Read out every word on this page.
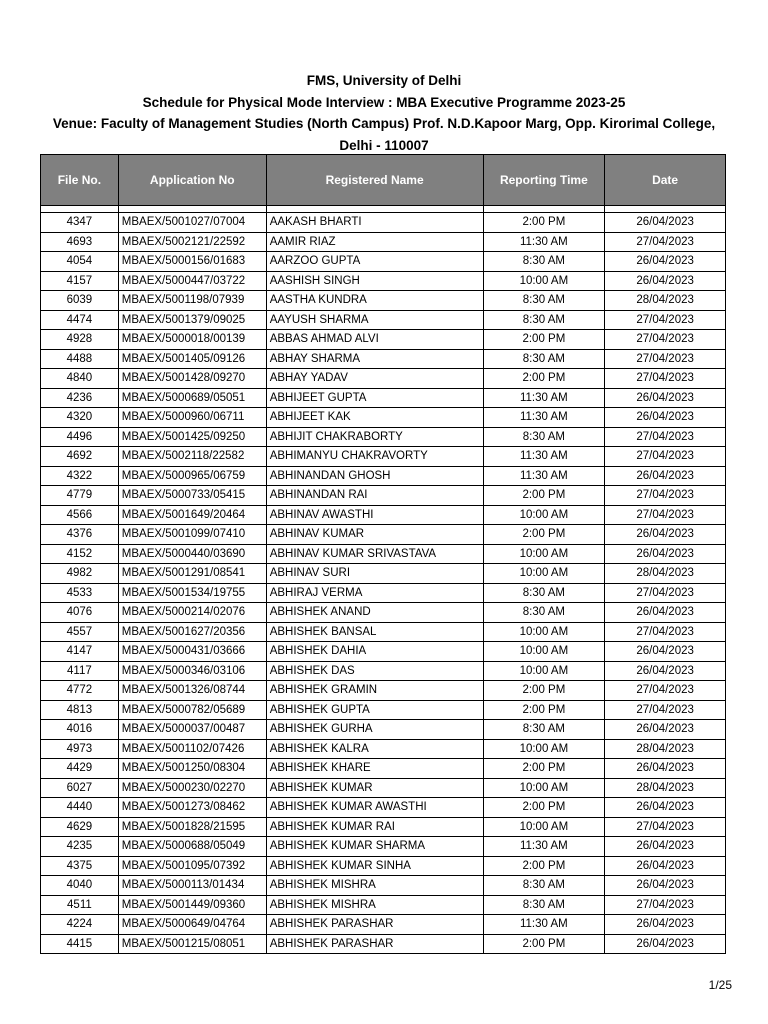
FMS, University of Delhi
Schedule for Physical Mode Interview : MBA Executive Programme 2023-25
Venue: Faculty of Management Studies (North Campus) Prof. N.D.Kapoor Marg, Opp. Kirorimal College,
Delhi - 110007
File No.	Application No	Registered Name	Reporting Time	Date

4347	MBAEX/5001027/07004	AAKASH BHARTI	2:00 PM	26/04/2023
4693	MBAEX/5002121/22592	AAMIR RIAZ	11:30 AM	27/04/2023
4054	MBAEX/5000156/01683	AARZOO GUPTA	8:30 AM	26/04/2023
4157	MBAEX/5000447/03722	AASHISH SINGH	10:00 AM	26/04/2023
6039	MBAEX/5001198/07939	AASTHA KUNDRA	8:30 AM	28/04/2023
4474	MBAEX/5001379/09025	AAYUSH SHARMA	8:30 AM	27/04/2023
4928	MBAEX/5000018/00139	ABBAS AHMAD ALVI	2:00 PM	27/04/2023
4488	MBAEX/5001405/09126	ABHAY SHARMA	8:30 AM	27/04/2023
4840	MBAEX/5001428/09270	ABHAY YADAV	2:00 PM	27/04/2023
4236	MBAEX/5000689/05051	ABHIJEET GUPTA	11:30 AM	26/04/2023
4320	MBAEX/5000960/06711	ABHIJEET KAK	11:30 AM	26/04/2023
4496	MBAEX/5001425/09250	ABHIJIT CHAKRABORTY	8:30 AM	27/04/2023
4692	MBAEX/5002118/22582	ABHIMANYU CHAKRAVORTY	11:30 AM	27/04/2023
4322	MBAEX/5000965/06759	ABHINANDAN GHOSH	11:30 AM	26/04/2023
4779	MBAEX/5000733/05415	ABHINANDAN RAI	2:00 PM	27/04/2023
4566	MBAEX/5001649/20464	ABHINAV AWASTHI	10:00 AM	27/04/2023
4376	MBAEX/5001099/07410	ABHINAV KUMAR	2:00 PM	26/04/2023
4152	MBAEX/5000440/03690	ABHINAV KUMAR SRIVASTAVA	10:00 AM	26/04/2023
4982	MBAEX/5001291/08541	ABHINAV SURI	10:00 AM	28/04/2023
4533	MBAEX/5001534/19755	ABHIRAJ VERMA	8:30 AM	27/04/2023
4076	MBAEX/5000214/02076	ABHISHEK ANAND	8:30 AM	26/04/2023
4557	MBAEX/5001627/20356	ABHISHEK BANSAL	10:00 AM	27/04/2023
4147	MBAEX/5000431/03666	ABHISHEK DAHIA	10:00 AM	26/04/2023
4117	MBAEX/5000346/03106	ABHISHEK DAS	10:00 AM	26/04/2023
4772	MBAEX/5001326/08744	ABHISHEK GRAMIN	2:00 PM	27/04/2023
4813	MBAEX/5000782/05689	ABHISHEK GUPTA	2:00 PM	27/04/2023
4016	MBAEX/5000037/00487	ABHISHEK GURHA	8:30 AM	26/04/2023
4973	MBAEX/5001102/07426	ABHISHEK KALRA	10:00 AM	28/04/2023
4429	MBAEX/5001250/08304	ABHISHEK KHARE	2:00 PM	26/04/2023
6027	MBAEX/5000230/02270	ABHISHEK KUMAR	10:00 AM	28/04/2023
4440	MBAEX/5001273/08462	ABHISHEK KUMAR AWASTHI	2:00 PM	26/04/2023
4629	MBAEX/5001828/21595	ABHISHEK KUMAR RAI	10:00 AM	27/04/2023
4235	MBAEX/5000688/05049	ABHISHEK KUMAR SHARMA	11:30 AM	26/04/2023
4375	MBAEX/5001095/07392	ABHISHEK KUMAR SINHA	2:00 PM	26/04/2023
4040	MBAEX/5000113/01434	ABHISHEK MISHRA	8:30 AM	26/04/2023
4511	MBAEX/5001449/09360	ABHISHEK MISHRA	8:30 AM	27/04/2023
4224	MBAEX/5000649/04764	ABHISHEK PARASHAR	11:30 AM	26/04/2023
4415	MBAEX/5001215/08051	ABHISHEK PARASHAR	2:00 PM	26/04/2023
1/25
